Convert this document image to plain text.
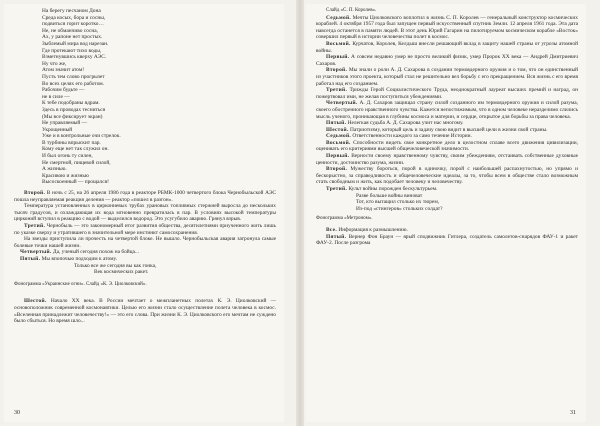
На берегу песчаном Дона
Среда косых, бора и сосны,
подвиться горит коротко…
Не, не обманчиво сосна,
Ах, у рапоне нет простых.
Зыблемый мира вод нарезан.
Где протекают тихо воды,
Взметнувшись кверху АЭС.
Ну что же,
Атом значит атом!
Пусть тем слово прогрызет
Во всех целях его работом.
Рабочим будьте —
не в силе —
К тебе подобраны ядрам.
Здесь в проводах тесниться
(Мы все фиксирует экран)
Не управляемый —
Укрощенный
Уже и в контрольные очи стрелок.
В турбины впрыскит пар.
Кому еще нет так служил он.
И был огонь ту силен,
Не смертной, пищевой силой,
А жизнью.
Красивою и жизнью
Высоскоенный — прощался!

Второй. В ночь с 25, на 26 апреля 1986 года в реакторе РБМК-1000 четвертого блока Чернобыльской АЭС пошла неуправляемая реакция деления — реактор «пошел в разгон».

Температура установленных в циркониевых трубах урановых топливных стержней выросла до нескольких тысяч градусов, и охлаждающая их вода мгновенно превратилась в пар. В условиях высокой температуры цирконий вступил в реакцию с водой — выделился водород. Это усугубило аварию. Грянул взрыв.

Третий. Чернобыль — это закономерный итог развития общества, десятилетиями приученного жить лишь по указке сверху и утратившего в значительной мере инстинкт самосохранения.

На звезды приступила ли прочесть на четвертой блоке. Не вышло. Чернобыльская авария затронула самые болевые точки нашей жизни.

Четвертый. Да, ученый сегодня похож на бойца...
Пятый. Мы впопочью подходим к атому.
Только все же сегодня вы как гонка,
Век космических ракет.
Фонограмма «Украинские огни». Слайд «К. Э. Циолковский».

Шестой. Начало ХХ века. В России мечтает о межпланетных полетах К. Э. Циолковский — основоположник современной космонавтики. Целью его жизни стало осуществление полета человека в космос. «Вселенная принадлежит человечеству!» — это его слова. При жизни К. Э. Циолковского его мечтам не суждено было сбыться. Но время шло...

30
Слайд «С. П. Королев».

Седьмой. Мечты Циолковского воплотил в жизнь С. П. Королев — генеральный конструктор космических кораблей. 4 октября 1957 года был запущен первый искусственный спутник Земли. 12 апреля 1961 года. Эта дата навсегда останется в памяти людей. В этот день Юрий Гагарин на пилотируемом космическом корабле «Восток» совершил первый в истории человечества полет в космос.

Восьмой. Курчатов, Королев, Келдыш внесли решающий вклад в защиту нашей страны от угрозы атомной войны.

Первый. А совсем недавно умер не просто великий физик, умер Пророк ХХ века — Андрей Дмитриевич Сахаров.

Второй. Мы знали о роли А. Д. Сахарова в создании термоядерного оружия и о том, что он единственный из участников этого проекта, который стал не решительно вел борьбу с его прекращением. Вся жизнь с его время работал над его созданием.

Третий. Трижды Герой Социалистического Труда, неоднократный лауреат высших премий и наград, он пожертвовал ими, не желая поступиться убеждениями.

Четвертый. А. Д. Сахаров защищал страну силой созданного им термоядерного оружия и силой разума, своего обостренного нравственного чувства. Кажется непостижимым, что в одном человеке неразделимо слились мысль ученого, проникающая в глубины космоса и материи, и сердце, открытое для борьбы за права человека.

Пятый. Нелегкая судьба А. Д. Сахарова учит нас многому.

Шестой. Патриотизму, который цель и задачу свою видит в высшей цели в жизни свой страны.

Седьмой. Ответственности каждого за само течение Истории.

Восьмой. Способности видеть свое конкретное дело в целостном сплаве всего движения цивилизации, оценивать его критериями высшей общечеловеческой значимости.

Первый. Верности своему нравственному чувству, своим убеждениям, отстаивать собственные духовные ценности, достоинство разума, жизни.

Второй. Мужеству бороться, порой в одиночку, порой с наибольшей распахнутостью, но упрямо и бескорыстно, за справедливость и общечеловеческие идеалы, за то, чтобы всем в обществе стало возможным стать свободным и жить, как подобает человеку и человечеству.

Третий. Культ войны порожден бескультурьем.

Разве больше войны виноват
Тот, кто вытащил столько их тюрем,
Из-под «стингеров» стольких солдат?
Фонограмма «Метроном».

Все. Информация к размышлению.

Пятый. Вернер Фон Браун — ярый сподвижник Гитлера, создатель самолетов-снарядов ФАУ-1 и ракет ФАУ-2. После разгрома

31
